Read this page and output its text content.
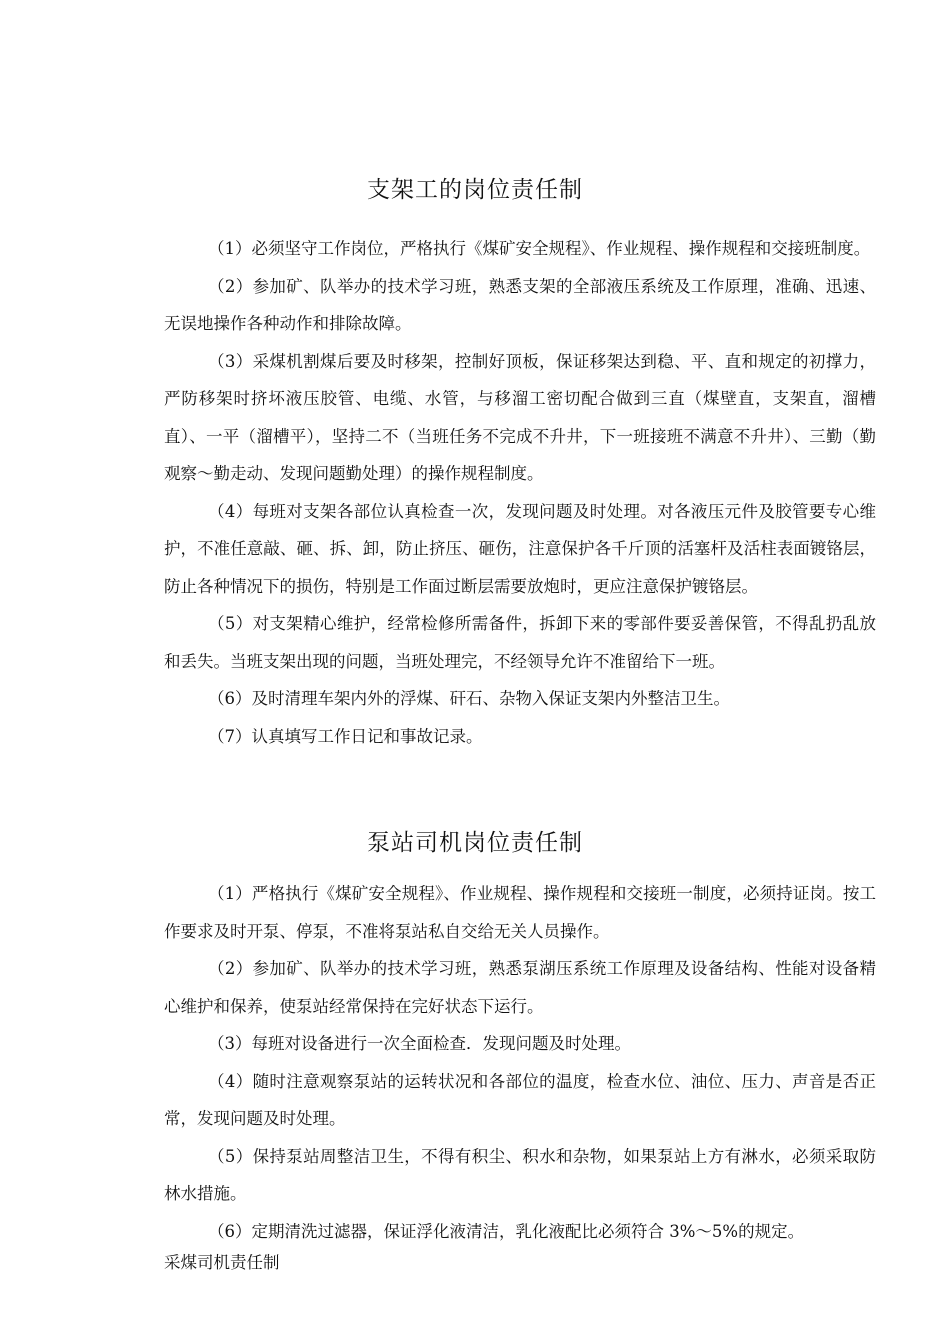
支架工的岗位责任制

（1）必须坚守工作岗位，严格执行《煤矿安全规程》、作业规程、操作规程和交接班制度。

（2）参加矿、队举办的技术学习班，熟悉支架的全部液压系统及工作原理，准确、迅速、无误地操作各种动作和排除故障。

（3）采煤机割煤后要及时移架，控制好顶板，保证移架达到稳、平、直和规定的初撑力，严防移架时挤坏液压胶管、电缆、水管，与移溜工密切配合做到三直（煤壁直，支架直，溜槽直）、一平（溜槽平），坚持二不（当班任务不完成不升井，下一班接班不满意不升井）、三勤（勤观察～勤走动、发现问题勤处理）的操作规程制度。

（4）每班对支架各部位认真检查一次，发现问题及时处理。对各液压元件及胶管要专心维护，不准任意敲、砸、拆、卸，防止挤压、砸伤，注意保护各千斤顶的活塞杆及活柱表面镀铬层，防止各种情况下的损伤，特别是工作面过断层需要放炮时，更应注意保护镀铬层。

（5）对支架精心维护，经常检修所需备件，拆卸下来的零部件要妥善保管，不得乱扔乱放和丢失。当班支架出现的问题，当班处理完，不经领导允许不准留给下一班。

（6）及时清理车架内外的浮煤、矸石、杂物入保证支架内外整洁卫生。

（7）认真填写工作日记和事故记录。

泵站司机岗位责任制

（1）严格执行《煤矿安全规程》、作业规程、操作规程和交接班一制度，必须持证岗。按工作要求及时开泵、停泵，不准将泵站私自交给无关人员操作。

（2）参加矿、队举办的技术学习班，熟悉泵湖压系统工作原理及设备结构、性能对设备精心维护和保养，使泵站经常保持在完好状态下运行。

（3）每班对设备进行一次全面检查．发现问题及时处理。

（4）随时注意观察泵站的运转状况和各部位的温度，检查水位、油位、压力、声音是否正常，发现问题及时处理。

（5）保持泵站周整洁卫生，不得有积尘、积水和杂物，如果泵站上方有淋水，必须采取防林水措施。

（6）定期清洗过滤器，保证浮化液清洁，乳化液配比必须符合 3%～5%的规定。

采煤司机责任制
